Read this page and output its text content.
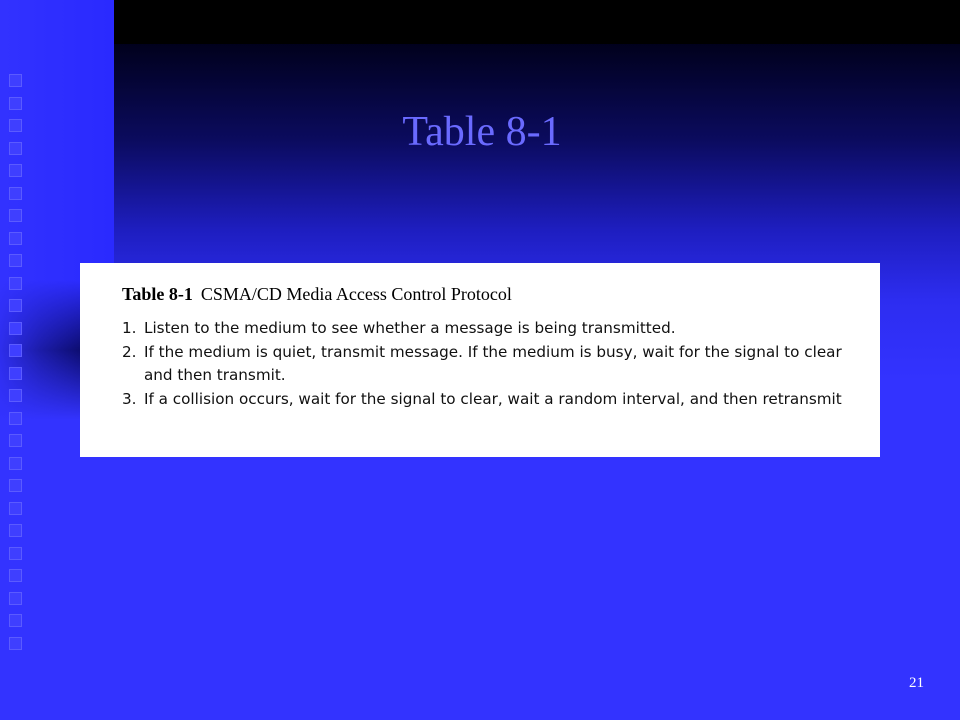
Table 8-1
Table 8-1 CSMA/CD Media Access Control Protocol
1. Listen to the medium to see whether a message is being transmitted.
2. If the medium is quiet, transmit message. If the medium is busy, wait for the signal to clear and then transmit.
3. If a collision occurs, wait for the signal to clear, wait a random interval, and then retransmit
21
